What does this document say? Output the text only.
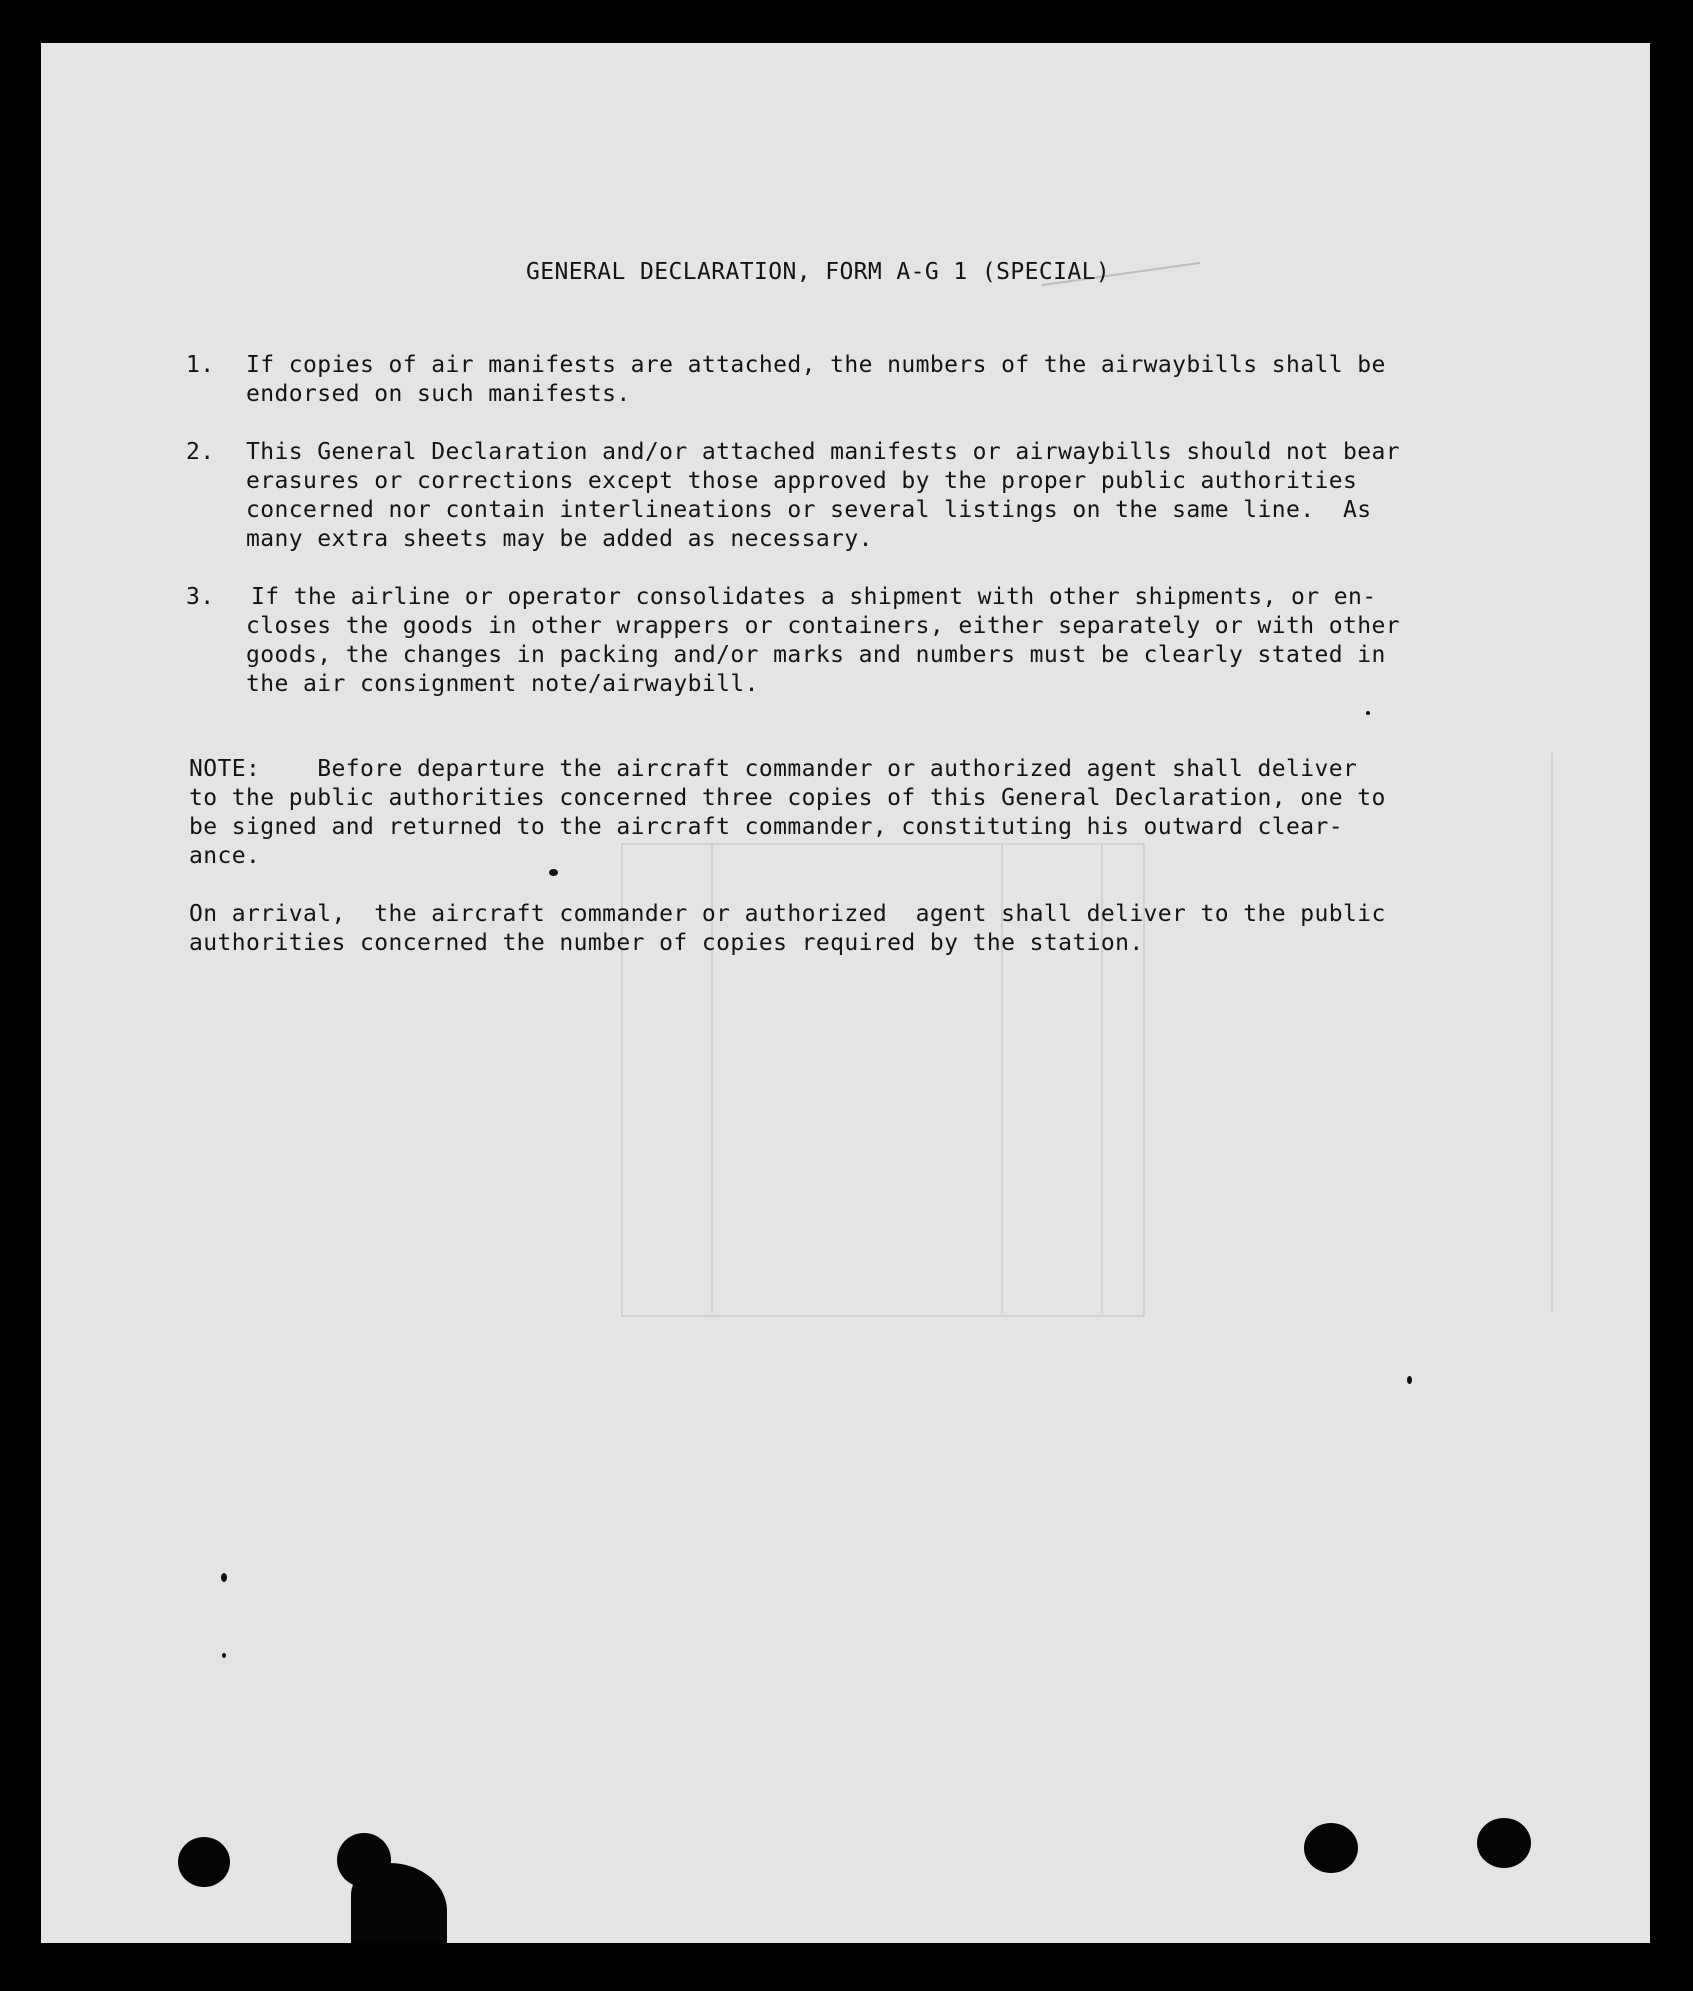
GENERAL DECLARATION, FORM A-G 1 (SPECIAL)
1. If copies of air manifests are attached, the numbers of the airwaybills shall be
endorsed on such manifests.
2. This General Declaration and/or attached manifests or airwaybills should not bear
erasures or corrections except those approved by the proper public authorities
concerned nor contain interlineations or several listings on the same line.  As
many extra sheets may be added as necessary.
3. If the airline or operator consolidates a shipment with other shipments, or en-
closes the goods in other wrappers or containers, either separately or with other
goods, the changes in packing and/or marks and numbers must be clearly stated in
the air consignment note/airwaybill.
NOTE:    Before departure the aircraft commander or authorized agent shall deliver
to the public authorities concerned three copies of this General Declaration, one to
be signed and returned to the aircraft commander, constituting his outward clear-
ance.
On arrival,  the aircraft commander or authorized  agent shall deliver to the public
authorities concerned the number of copies required by the station.
